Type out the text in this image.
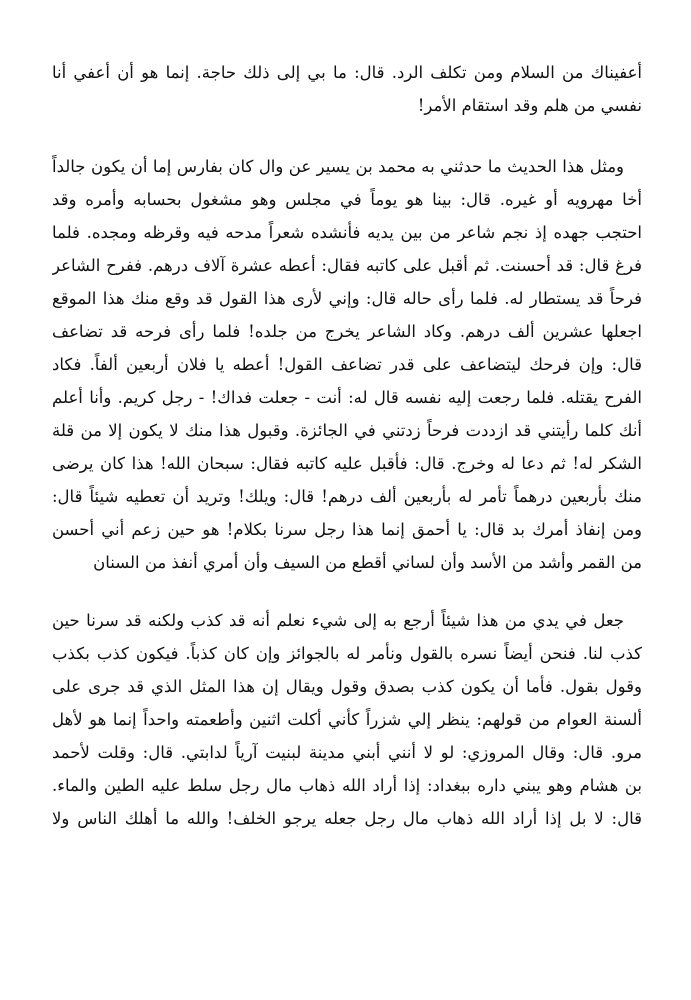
أعفيناك من السلام ومن تكلف الرد. قال: ما بي إلى ذلك حاجة. إنما هو أن أعفي أنا
نفسي من هلم وقد استقام الأمر!
ومثل هذا الحديث ما حدثني به محمد بن يسير عن وال كان بفارس إما أن يكون جالداً
أخا مهرويه أو غيره. قال: بينا هو يوماً في مجلس وهو مشغول بحسابه وأمره وقد
احتجب جهده إذ نجم شاعر من بين يديه فأنشده شعراً مدحه فيه وقرظه ومجده. فلما
فرغ قال: قد أحسنت. ثم أقبل على كاتبه فقال: أعطه عشرة آلاف درهم. ففرح الشاعر
فرحاً قد يستطار له. فلما رأى حاله قال: وإني لأرى هذا القول قد وقع منك هذا الموقع
اجعلها عشرين ألف درهم. وكاد الشاعر يخرج من جلده! فلما رأى فرحه قد تضاعف
قال: وإن فرحك ليتضاعف على قدر تضاعف القول! أعطه يا فلان أربعين ألفاً. فكاد
الفرح يقتله. فلما رجعت إليه نفسه قال له: أنت - جعلت فداك! - رجل كريم. وأنا أعلم
أنك كلما رأيتني قد ازددت فرحاً زدتني في الجائزة. وقبول هذا منك لا يكون إلا من قلة
الشكر له! ثم دعا له وخرج. قال: فأقبل عليه كاتبه فقال: سبحان الله! هذا كان يرضى
منك بأربعين درهماً تأمر له بأربعين ألف درهم! قال: ويلك! وتريد أن تعطيه شيئاً قال:
ومن إنفاذ أمرك بد قال: يا أحمق إنما هذا رجل سرنا بكلام! هو حين زعم أني أحسن
من القمر وأشد من الأسد وأن لساني أقطع من السيف وأن أمري أنفذ من السنان
جعل في يدي من هذا شيئاً أرجع به إلى شيء نعلم أنه قد كذب ولكنه قد سرنا حين
كذب لنا. فنحن أيضاً نسره بالقول ونأمر له بالجوائز وإن كان كذباً. فيكون كذب بكذب
وقول بقول. فأما أن يكون كذب بصدق وقول ويقال إن هذا المثل الذي قد جرى على
ألسنة العوام من قولهم: ينظر إلي شزراً كأني أكلت اثنين وأطعمته واحداً إنما هو لأهل
مرو. قال: وقال المروزي: لو لا أنني أبني مدينة لبنيت آرياً لدابتي. قال: وقلت لأحمد
بن هشام وهو يبني داره ببغداد: إذا أراد الله ذهاب مال رجل سلط عليه الطين والماء.
قال: لا بل إذا أراد الله ذهاب مال رجل جعله يرجو الخلف! والله ما أهلك الناس ولا
